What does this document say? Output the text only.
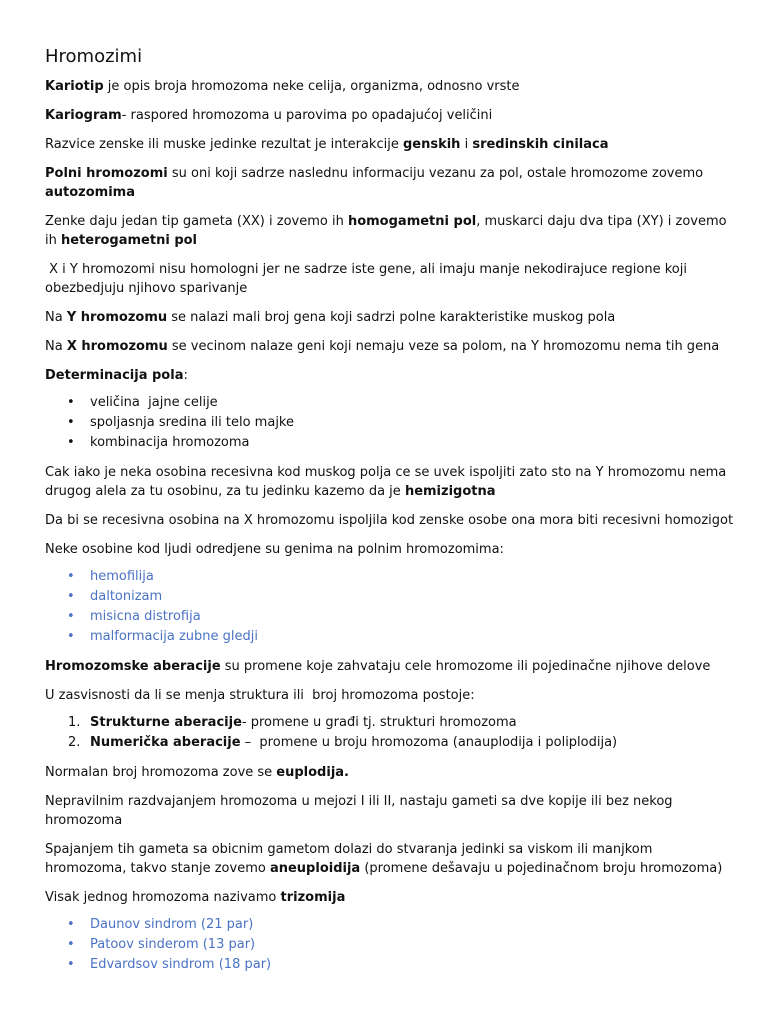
Hromozimi

Kariotip je opis broja hromozoma neke celija, organizma, odnosno vrste

Kariogram- raspored hromozoma u parovima po opadajućoj veličini

Razvice zenske ili muske jedinke rezultat je interakcije genskih i sredinskih cinilaca

Polni hromozomi su oni koji sadrze naslednu informaciju vezanu za pol, ostale hromozome zovemo autozomima

Zenke daju jedan tip gameta (XX) i zovemo ih homogametni pol, muskarci daju dva tipa (XY) i zovemo ih heterogametni pol

X i Y hromozomi nisu homologni jer ne sadrze iste gene, ali imaju manje nekodirajuce regione koji obezbedjuju njihovo sparivanje

Na Y hromozomu se nalazi mali broj gena koji sadrzi polne karakteristike muskog pola

Na X hromozomu se vecinom nalaze geni koji nemaju veze sa polom, na Y hromozomu nema tih gena

Determinacija pola:

• veličina  jajne celije
• spoljasnja sredina ili telo majke
• kombinacija hromozoma

Cak iako je neka osobina recesivna kod muskog polja ce se uvek ispoljiti zato sto na Y hromozomu nema drugog alela za tu osobinu, za tu jedinku kazemo da je hemizigotna

Da bi se recesivna osobina na X hromozomu ispoljila kod zenske osobe ona mora biti recesivni homozigot

Neke osobine kod ljudi odredjene su genima na polnim hromozomima:

• hemofilija
• daltonizam
• misicna distrofija
• malformacija zubne gledji

Hromozomske aberacije su promene koje zahvataju cele hromozome ili pojedinačne njihove delove

U zasvisnosti da li se menja struktura ili  broj hromozoma postoje:

1. Strukturne aberacije- promene u građi tj. strukturi hromozoma
2. Numerička aberacije –  promene u broju hromozoma (anauplodija i poliplodija)

Normalan broj hromozoma zove se euplodija.

Nepravilnim razdvajanjem hromozoma u mejozi I ili II, nastaju gameti sa dve kopije ili bez nekog hromozoma

Spajanjem tih gameta sa obicnim gametom dolazi do stvaranja jedinki sa viskom ili manjkom hromozoma, takvo stanje zovemo aneuploidija (promene dešavaju u pojedinačnom broju hromozoma)

Visak jednog hromozoma nazivamo trizomija

• Daunov sindrom (21 par)
• Patoov sinderom (13 par)
• Edvardsov sindrom (18 par)
